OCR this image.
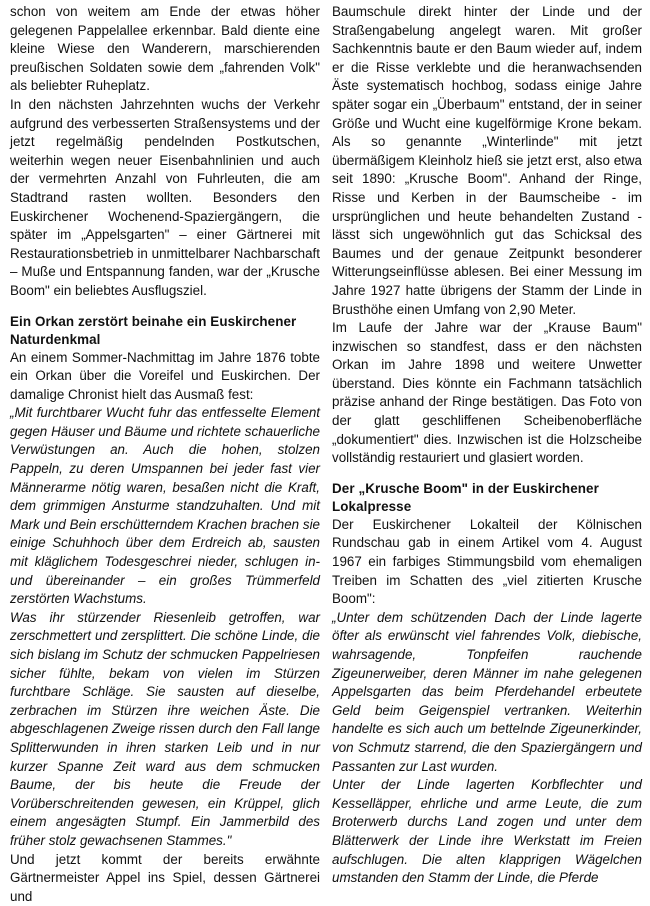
schon von weitem am Ende der etwas höher gelegenen Pappelallee erkennbar. Bald diente eine kleine Wiese den Wanderern, marschierenden preußischen Soldaten sowie dem „fahrenden Volk" als beliebter Ruheplatz.

In den nächsten Jahrzehnten wuchs der Verkehr aufgrund des verbesserten Straßensystems und der jetzt regelmäßig pendelnden Postkutschen, weiterhin wegen neuer Eisenbahnlinien und auch der vermehrten Anzahl von Fuhrleuten, die am Stadtrand rasten wollten. Besonders den Euskirchener Wochenend-Spaziergängern, die später im „Appelsgarten" – einer Gärtnerei mit Restaurationsbetrieb in unmittelbarer Nachbarschaft – Muße und Entspannung fanden, war der „Krusche Boom" ein beliebtes Ausflugsziel.

Ein Orkan zerstört beinahe ein Euskirchener Naturdenkmal

An einem Sommer-Nachmittag im Jahre 1876 tobte ein Orkan über die Voreifel und Euskirchen. Der damalige Chronist hielt das Ausmaß fest:

„Mit furchtbarer Wucht fuhr das entfesselte Element gegen Häuser und Bäume und richtete schauerliche Verwüstungen an. Auch die hohen, stolzen Pappeln, zu deren Umspannen bei jeder fast vier Männerarme nötig waren, besaßen nicht die Kraft, dem grimmigen Ansturme standzuhalten. Und mit Mark und Bein erschütterndem Krachen brachen sie einige Schuhhoch über dem Erdreich ab, sausten mit kläglichem Todesgeschrei nieder, schlugen in- und übereinander – ein großes Trümmerfeld zerstörten Wachstums.

Was ihr stürzender Riesenleib getroffen, war zerschmettert und zersplittert. Die schöne Linde, die sich bislang im Schutz der schmucken Pappelriesen sicher fühlte, bekam von vielen im Stürzen furchtbare Schläge. Sie sausten auf dieselbe, zerbrachen im Stürzen ihre weichen Äste. Die abgeschlagenen Zweige rissen durch den Fall lange Splitterwunden in ihren starken Leib und in nur kurzer Spanne Zeit ward aus dem schmucken Baume, der bis heute die Freude der Vorüberschreitenden gewesen, ein Krüppel, glich einem angesägten Stumpf. Ein Jammerbild des früher stolz gewachsenen Stammes."

Und jetzt kommt der bereits erwähnte Gärtnermeister Appel ins Spiel, dessen Gärtnerei und

Baumschule direkt hinter der Linde und der Straßengabelung angelegt waren. Mit großer Sachkenntnis baute er den Baum wieder auf, indem er die Risse verklebte und die heranwachsenden Äste systematisch hochbog, sodass einige Jahre später sogar ein „Überbaum" entstand, der in seiner Größe und Wucht eine kugelförmige Krone bekam. Als so genannte „Winterlinde" mit jetzt übermäßigem Kleinholz hieß sie jetzt erst, also etwa seit 1890: „Krusche Boom". Anhand der Ringe, Risse und Kerben in der Baumscheibe - im ursprünglichen und heute behandelten Zustand - lässt sich ungewöhnlich gut das Schicksal des Baumes und der genaue Zeitpunkt besonderer Witterungseinflüsse ablesen. Bei einer Messung im Jahre 1927 hatte übrigens der Stamm der Linde in Brusthöhe einen Umfang von 2,90 Meter.

Im Laufe der Jahre war der „Krause Baum" inzwischen so standfest, dass er den nächsten Orkan im Jahre 1898 und weitere Unwetter überstand. Dies könnte ein Fachmann tatsächlich präzise anhand der Ringe bestätigen. Das Foto von der glatt geschliffenen Scheibenoberfläche „dokumentiert" dies. Inzwischen ist die Holzscheibe vollständig restauriert und glasiert worden.

Der „Krusche Boom" in der Euskirchener Lokalpresse

Der Euskirchener Lokalteil der Kölnischen Rundschau gab in einem Artikel vom 4. August 1967 ein farbiges Stimmungsbild vom ehemaligen Treiben im Schatten des „viel zitierten Krusche Boom":

„Unter dem schützenden Dach der Linde lagerte öfter als erwünscht viel fahrendes Volk, diebische, wahrsagende, Tonpfeifen rauchende Zigeunerweiber, deren Männer im nahe gelegenen Appelsgarten das beim Pferdehandel erbeutete Geld beim Geigenspiel vertranken. Weiterhin handelte es sich auch um bettelnde Zigeunerkinder, von Schmutz starrend, die den Spaziergängern und Passanten zur Last wurden.

Unter der Linde lagerten Korbflechter und Kesselläpper, ehrliche und arme Leute, die zum Broterwerb durchs Land zogen und unter dem Blätterwerk der Linde ihre Werkstatt im Freien aufschlugen. Die alten klapprigen Wägelchen umstanden den Stamm der Linde, die Pferde
